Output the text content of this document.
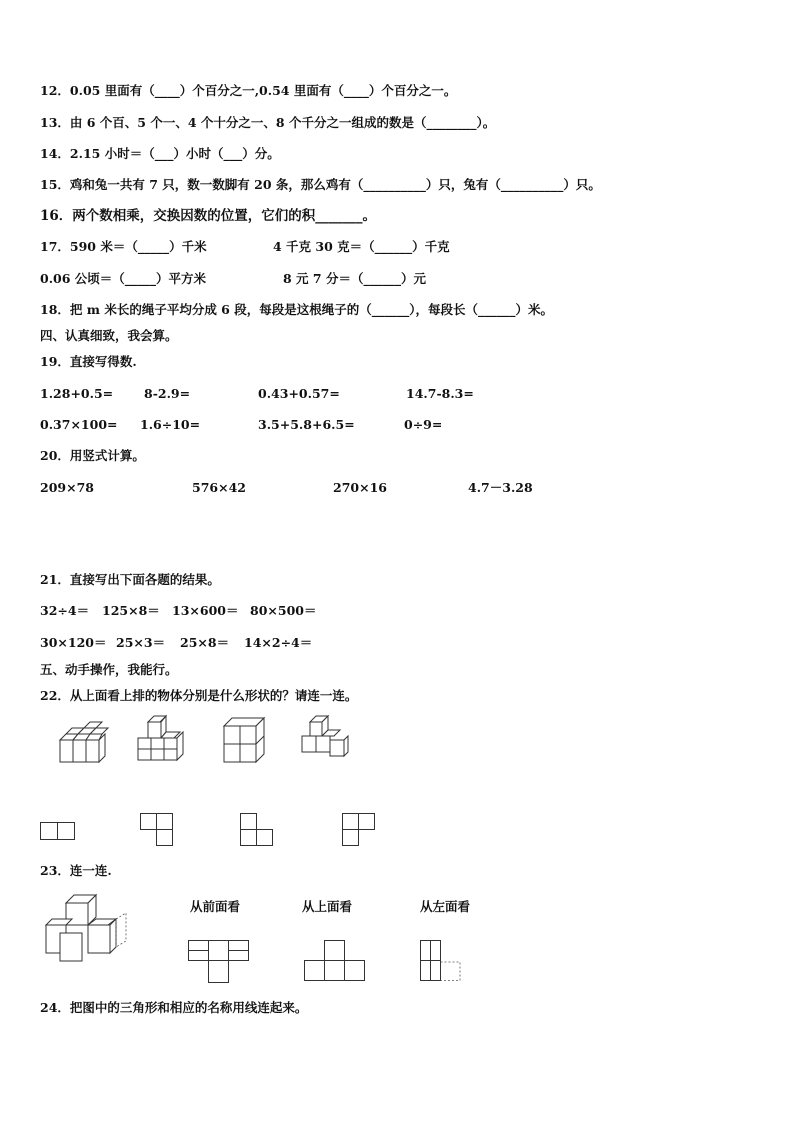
12．0.05 里面有（____）个百分之一,0.54 里面有（____）个百分之一。
13．由 6 个百、5 个一、4 个十分之一、8 个千分之一组成的数是（________）。
14．2.15 小时＝（___）小时（___）分。
15．鸡和兔一共有 7 只，数一数脚有 20 条，那么鸡有（__________）只，兔有（__________）只。
16．两个数相乘，交换因数的位置，它们的积_______。
17．590 米＝（_____）千米	4 千克 30 克＝（______）千克
0.06 公顷＝（_____）平方米	8 元 7 分＝（______）元
18．把 m 米长的绳子平均分成 6 段，每段是这根绳子的（______），每段长（______）米。
四、认真细致，我会算。
19．直接写得数.
1.28+0.5= 8-2.9=	0.43+0.57=	14.7-8.3=
0.37×100= 1.6÷10=	3.5+5.8+6.5=	0÷9=
20．用竖式计算。
209×78	576×42	270×16	4.7－3.28
21．直接写出下面各题的结果。
32÷4＝ 125×8＝ 13×600＝ 80×500＝
30×120＝ 25×3＝ 25×8＝ 14×2÷4＝
五、动手操作，我能行。
22．从上面看上排的物体分别是什么形状的？请连一连。
23．连一连.
从前面看	从上面看	从左面看
24．把图中的三角形和相应的名称用线连起来。
